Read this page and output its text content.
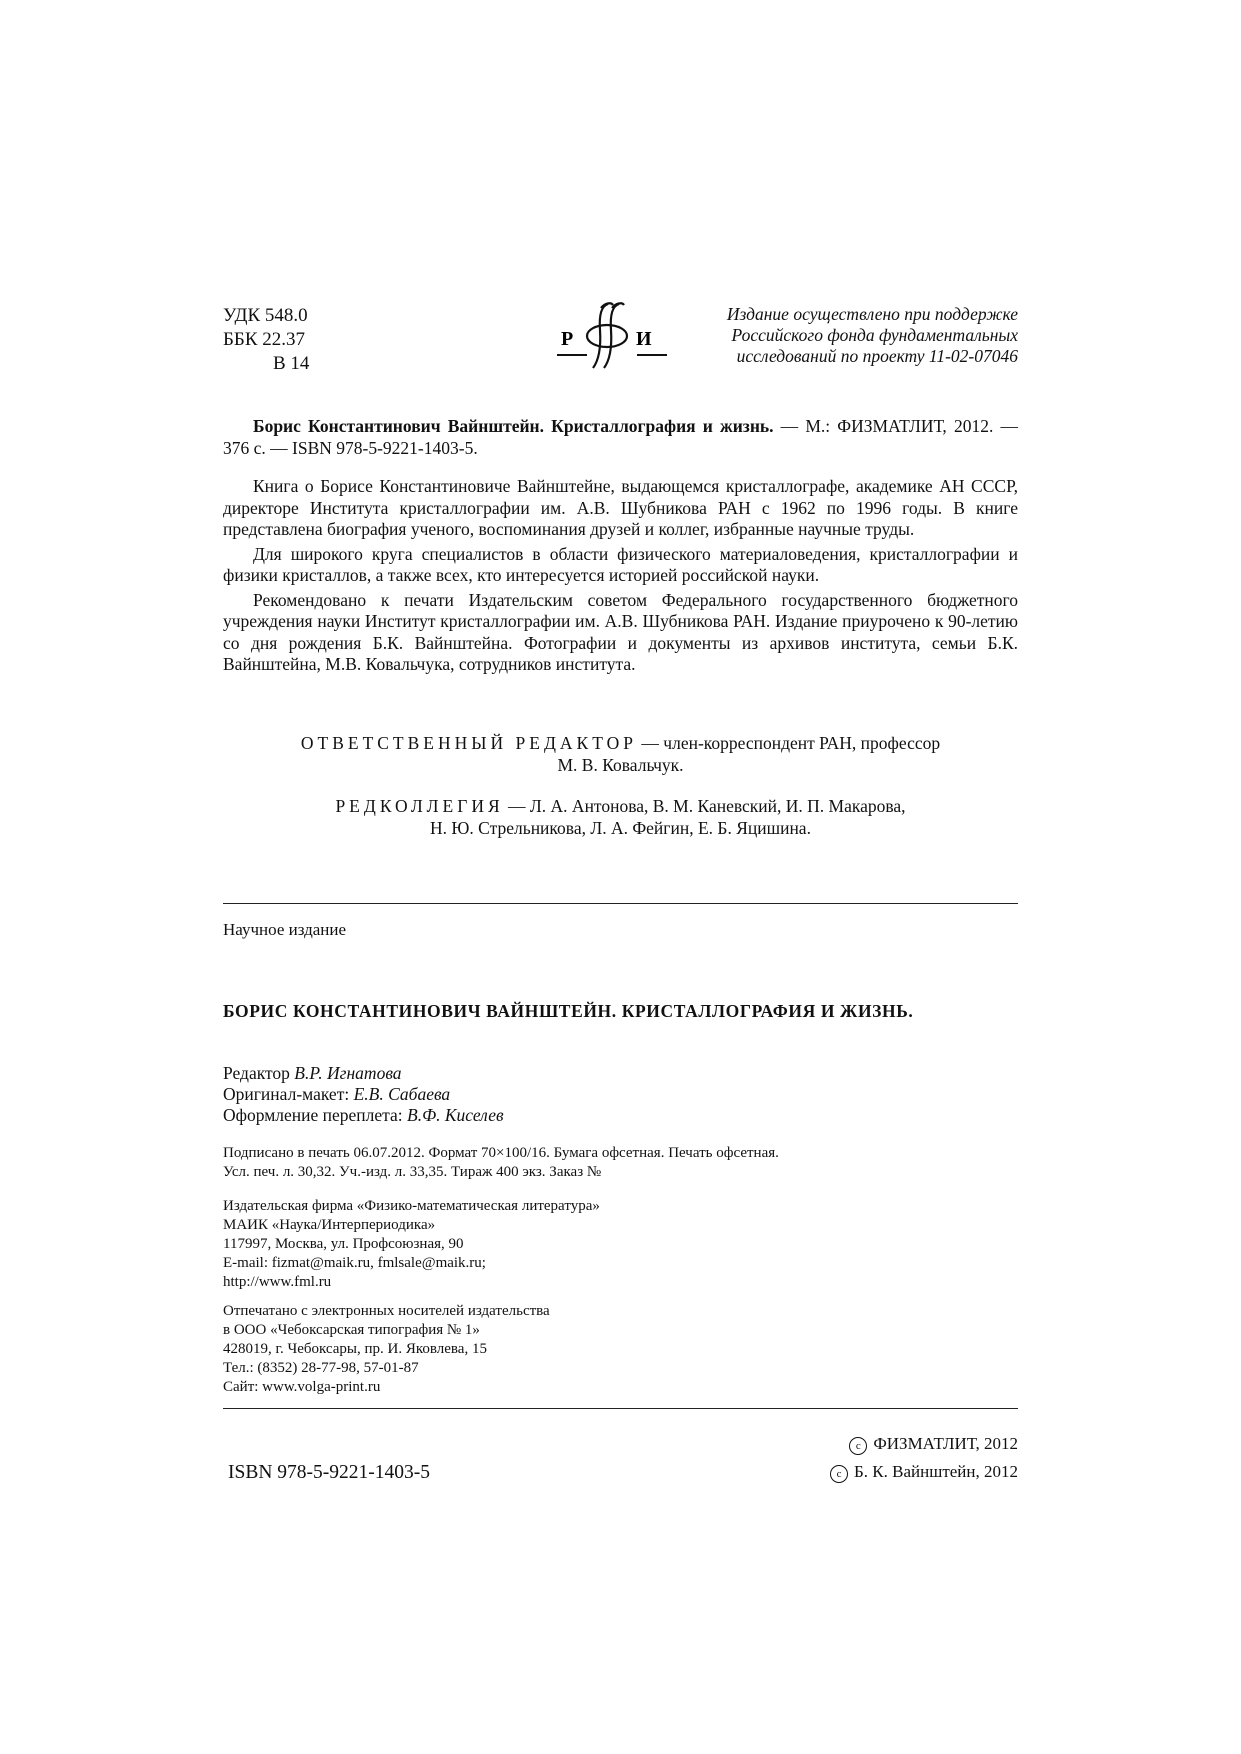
УДК 548.0
ББК 22.37
В 14
Р	И
Издание осуществлено при поддержке
Российского фонда фундаментальных
исследований по проекту 11-02-07046

Борис Константинович Вайнштейн. Кристаллография и жизнь. — М.: ФИЗМАТЛИТ, 2012. — 376 с. — ISBN 978-5-9221-1403-5.

Книга о Борисе Константиновиче Вайнштейне, выдающемся кристаллографе, академике АН СССР, директоре Института кристаллографии им. А.В. Шубникова РАН с 1962 по 1996 годы. В книге представлена биография ученого, воспоминания друзей и коллег, избранные научные труды.

Для широкого круга специалистов в области физического материаловедения, кристаллографии и физики кристаллов, а также всех, кто интересуется историей российской науки.

Рекомендовано к печати Издательским советом Федерального государственного бюджетного учреждения науки Институт кристаллографии им. А.В. Шубникова РАН. Издание приурочено к 90-летию со дня рождения Б.К. Вайнштейна. Фотографии и документы из архивов института, семьи Б.К. Вайнштейна, М.В. Ковальчука, сотрудников института.

ОТВЕТСТВЕННЫЙ РЕДАКТОР — член-корреспондент РАН, профессор
М. В. Ковальчук.
РЕДКОЛЛЕГИЯ — Л. А. Антонова, В. М. Каневский, И. П. Макарова,
Н. Ю. Стрельникова, Л. А. Фейгин, Е. Б. Яцишина.
Научное издание
БОРИС КОНСТАНТИНОВИЧ ВАЙНШТЕЙН. КРИСТАЛЛОГРАФИЯ И ЖИЗНЬ.
Редактор В.Р. Игнатова
Оригинал-макет: Е.В. Сабаева
Оформление переплета: В.Ф. Киселев
Подписано в печать 06.07.2012. Формат 70×100/16. Бумага офсетная. Печать офсетная.
Усл. печ. л. 30,32. Уч.-изд. л. 33,35. Тираж 400 экз. Заказ №
Издательская фирма «Физико-математическая литература»
МАИК «Наука/Интерпериодика»
117997, Москва, ул. Профсоюзная, 90
E-mail: fizmat@maik.ru, fmlsale@maik.ru;
http://www.fml.ru
Отпечатано с электронных носителей издательства
в ООО «Чебоксарская типография № 1»
428019, г. Чебоксары, пр. И. Яковлева, 15
Тел.: (8352) 28-77-98, 57-01-87
Сайт: www.volga-print.ru
ISBN 978-5-9221-1403-5
c ФИЗМАТЛИТ, 2012
c Б. К. Вайнштейн, 2012
